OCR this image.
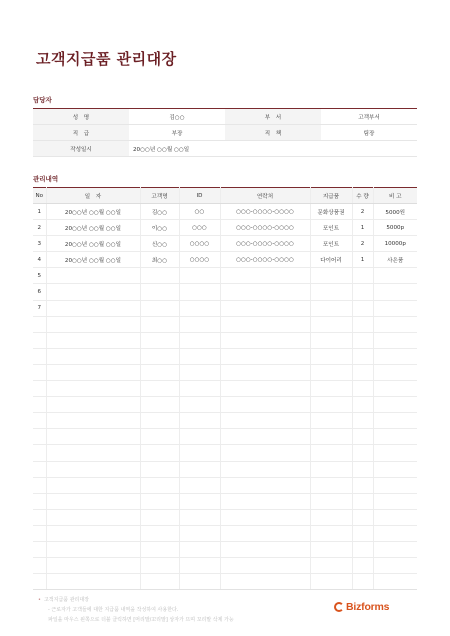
고객지급품 관리대장
담당자
성　명	김○○	부　서	고객부서
직　급	부장	직　책	팀장
작성일시	20○○년 ○○월 ○○일		
관리내역
No	일　자	고객명	ID	연락처	지급품	수 량	비 고
1	20○○년 ○○월 ○○일	김○○	○○	○○○-○○○○-○○○○	문화상품권	2	5000원
2	20○○년 ○○월 ○○일	이○○	○○○	○○○-○○○○-○○○○	포인트	1	5000p
3	20○○년 ○○월 ○○일	신○○	○○○○	○○○-○○○○-○○○○	포인트	2	10000p
4	20○○년 ○○월 ○○일	최○○	○○○○	○○○-○○○○-○○○○	다이어리	1	사은품
5							
6							
7							

• 고객지급품 관리대장
- 근로자가 고객들에 대한 지급품 내역을 작성하여 사용한다.
파일을 마우스 왼쪽으로 더블 클릭하면 [머리말/꼬리말] 상자가 뜨며 꼬리말 삭제 가능
Bizforms
